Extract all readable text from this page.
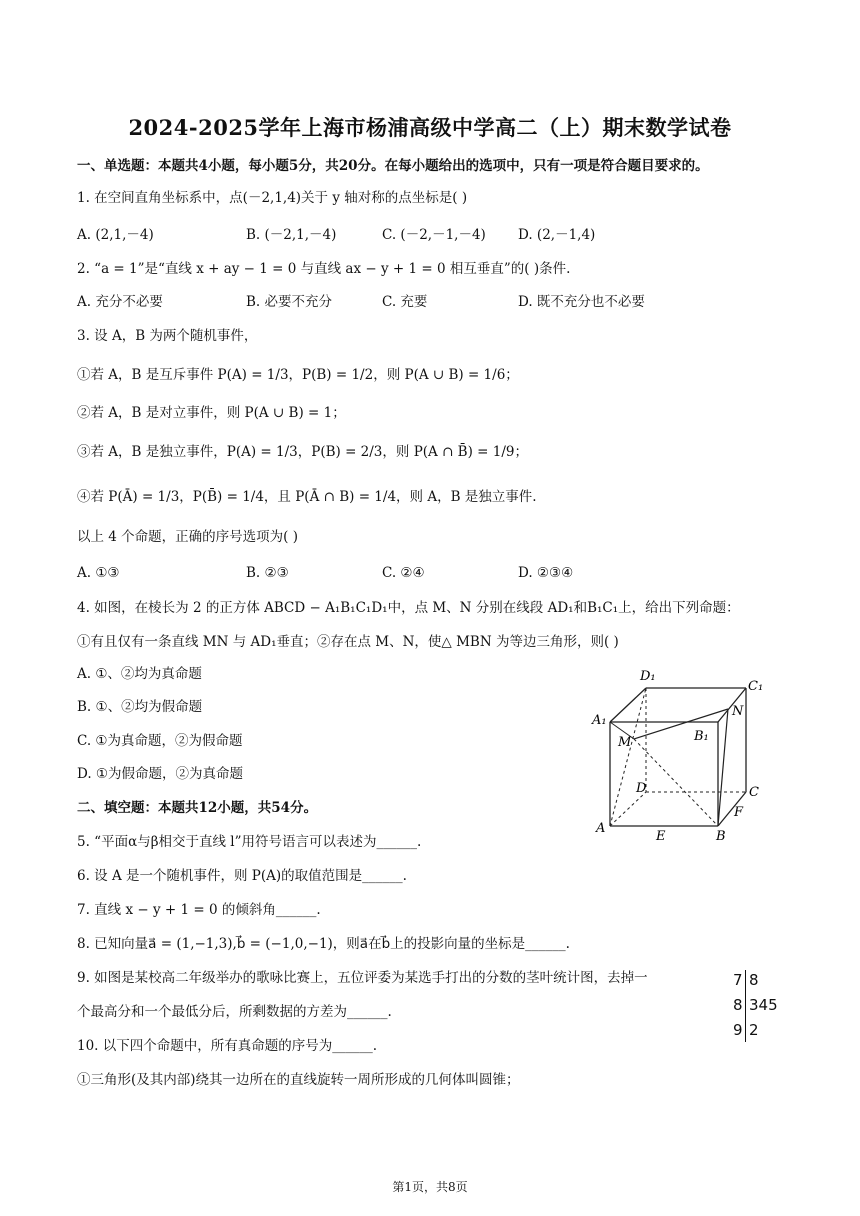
2024-2025学年上海市杨浦高级中学高二（上）期末数学试卷
一、单选题：本题共4小题，每小题5分，共20分。在每小题给出的选项中，只有一项是符合题目要求的。
1. 在空间直角坐标系中，点(－2,1,4)关于 y 轴对称的点坐标是( )
A. (2,1,－4)	B. (－2,1,－4)	C. (－2,－1,－4) D. (2,－1,4)
2. “a = 1”是“直线 x + ay − 1 = 0 与直线 ax − y + 1 = 0 相互垂直”的( )条件.
A. 充分不必要	B. 必要不充分	C. 充要	D. 既不充分也不必要
3. 设 A，B 为两个随机事件，
①若 A，B 是互斥事件 P(A) = 1/3，P(B) = 1/2，则 P(A ∪ B) = 1/6；
②若 A，B 是对立事件，则 P(A ∪ B) = 1；
③若 A，B 是独立事件，P(A) = 1/3，P(B) = 2/3，则 P(A ∩ B̄) = 1/9；
④若 P(Ā) = 1/3，P(B̄) = 1/4，且 P(Ā ∩ B) = 1/4，则 A，B 是独立事件.
以上 4 个命题，正确的序号选项为( )
A. ①③	B. ②③	C. ②④	D. ②③④
4. 如图，在棱长为 2 的正方体 ABCD − A₁B₁C₁D₁中，点 M、N 分别在线段 AD₁和B₁C₁上，给出下列命题：
①有且仅有一条直线 MN 与 AD₁垂直；②存在点 M、N，使△ MBN 为等边三角形，则( )
A. ①、②均为真命题
B. ①、②均为假命题
C. ①为真命题，②为假命题
D. ①为假命题，②为真命题
D₁
C₁
A₁
N
M	B₁
D	C
F
A
B
E
二、填空题：本题共12小题，共54分。
5. “平面α与β相交于直线 l”用符号语言可以表述为______.
6. 设 A 是一个随机事件，则 P(A)的取值范围是______.
7. 直线 x − y + 1 = 0 的倾斜角______.
8. 已知向量a⃗ = (1,−1,3),b⃗ = (−1,0,−1)，则a⃗在b⃗上的投影向量的坐标是______.
9. 如图是某校高二年级举办的歌咏比赛上，五位评委为某选手打出的分数的茎叶统计图，去掉一
个最高分和一个最低分后，所剩数据的方差为______.
7 8
8 345
9 2
10. 以下四个命题中，所有真命题的序号为______.
①三角形(及其内部)绕其一边所在的直线旋转一周所形成的几何体叫圆锥；
第1页，共8页
